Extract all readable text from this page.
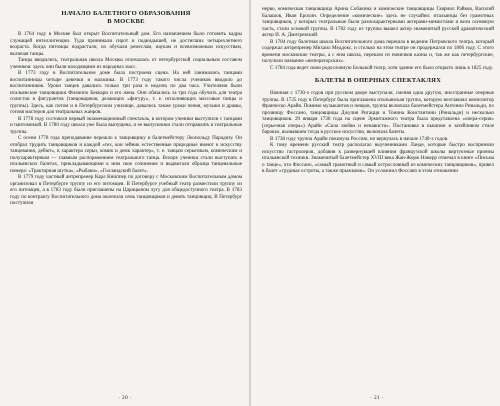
НАЧАЛО БАЛЕТНОГО ОБРАЗОВАНИЯ
В МОСКВЕ

В 1764 году в Москве был открыт Воспитательный дом. Его назначением было готовить кадры служащей интеллигенции. Туда принимали сирот и подкидышей, не достигших четырехлетнего возраста. Когда питомцы подрастали, их обучали ремеслам, наукам и всевозможным искусствам, включая танцы.

Танцы вводились, театральная школа Москвы отличалась от петербургской социальным составом учеников: здесь они были находящими из народных масс.

В 1773 году в Воспитательном доме была построена сцена. На ней занимались танцами воспитанницы четыре девочки и мальчика. В 1773 году такого числа учеников вводило до воспитанников. Уроки танцев давались только три раза в неделю по два часа. Учителями были итальянские танцовщики Филиппо Беккари и его жена. Они обязались за три года обучить для театра солистов и фигурантов (танцовщиков, делающих «фигуру», т. е. исполняющих массовые танцы и группы). Здесь, как потом и в Петербургском училище, давались также уроки пения, музыки и драмы, готовя мастеров для театральных жанров.

В 1778 году состоялся первый экзаменационный спектакль, в котором ученики выступили с танцами и пантомимой. В 1780 году школа уже была выпущена, и ее выпускники стали отправлять в театральные труппы.

С осени 1778 года преподавание перешло к танцовщику и балетмейстеру Леопольду Парадизу. Он отобрал трудить танцовщиков и каждой «тех, кои зейник естественные природные имеют к искусству танцевания, дебют», в характера серьи, комик и демк характер», т. е. танцам серьезным, комическим и полухарактерным — главным распоряжением театрального танца. Вскоре ученики стали выступать в итальянских балетах, прикладывающими к ним свое сочинение и выдвигали образца танцевальные номера: «Трактирная шутка», «Рыбаки», «Голландский балет».

В 1779 году частный антрепренер Карл Книппер по договору с Московским Воспитательным домом организовал в Петербурге труппу из его питомцев. В Петербурге учебный театр разместили труппу из его питомцев, а в 1783 году были приглашены на Царицыном лугу для общедоступного театра. В 1783 году по контракту Воспитательного дома окончили семь танцовщиков и девять танцовщиц. В Петербург поступили

· 20 ·

нерво, комическая танцовщица Арина Собакина и комические танцовщицы Гавриил Райков, Василий Балашов, Иван Ерохин. Определение «комические» здесь не случайно: итальянцы без грамотных танцовщиков, у которых театральные были разнохарактерными актерами-мимистами и вели основную часть, стали основой труппы. В 1782 году из труппы вышел актер знаменитый русской драматический актер И. А. Дмитревский.

В 1784 году балетная школа Воспитательного дома перешла в ведение Петровского театра, который содержал антрепренер Михаил Меддокс, и столько на этом театре он продержался по 1806 году. С этого времени московские театры, а с ним школа, перешли из новичков казны и, так же как петербургские, получили название «императорских».

С 1784 года ведет свою родословную Большой театр, хотя здание его было открыто лишь в 1825 году.

БАЛЕТЫ В ОПЕРНЫХ СПЕКТАКЛЯХ

Начиная с 1730-х годов при русском дворе выступали, сменяя одна другую, иностранные оперные труппы. В 1735 году в Петербург была приглашена итальянская труппа, которую возглавлял композитор Франческо Арайя. Помимо музыкантов и певцов, труппа включала балетмейстера Антонио Ринальди, по прозвищу Фоссано, танцовщицы Джулия Ригацци и Тонина Константини (Ринальди) и несколько танцовщиков. 29 января 1736 года на сцене Эрмитажного театра была представлена «опера-серия» (серьезная опера») Арайи «Сила любви и ненависти». Постановка в пышном и затейливом стиле барокко, вызвавшем тогда в русское искусство, включала балеты.

В 1738 году труппа Арайи покинула Россию, но вернулась в начале 1740-х годов.

К тому времени русский театр располагал выученниками Ланде, которые быстро восприняли искусство гастролеров, добавив к развернувшей влиянии французской школы виртуозные приемы итальянской техники. Знаменитый балетмейстер XVIII века Жан-Жорж Новерр отмечал в книге «Письма о танце», что Фоссано, «самый грамотный и самый острословный из комических танцовщиков», привел в балет «трудные остроты, а также прыжками». Он усложнил Фоссано в этом отношении

· 21 ·
